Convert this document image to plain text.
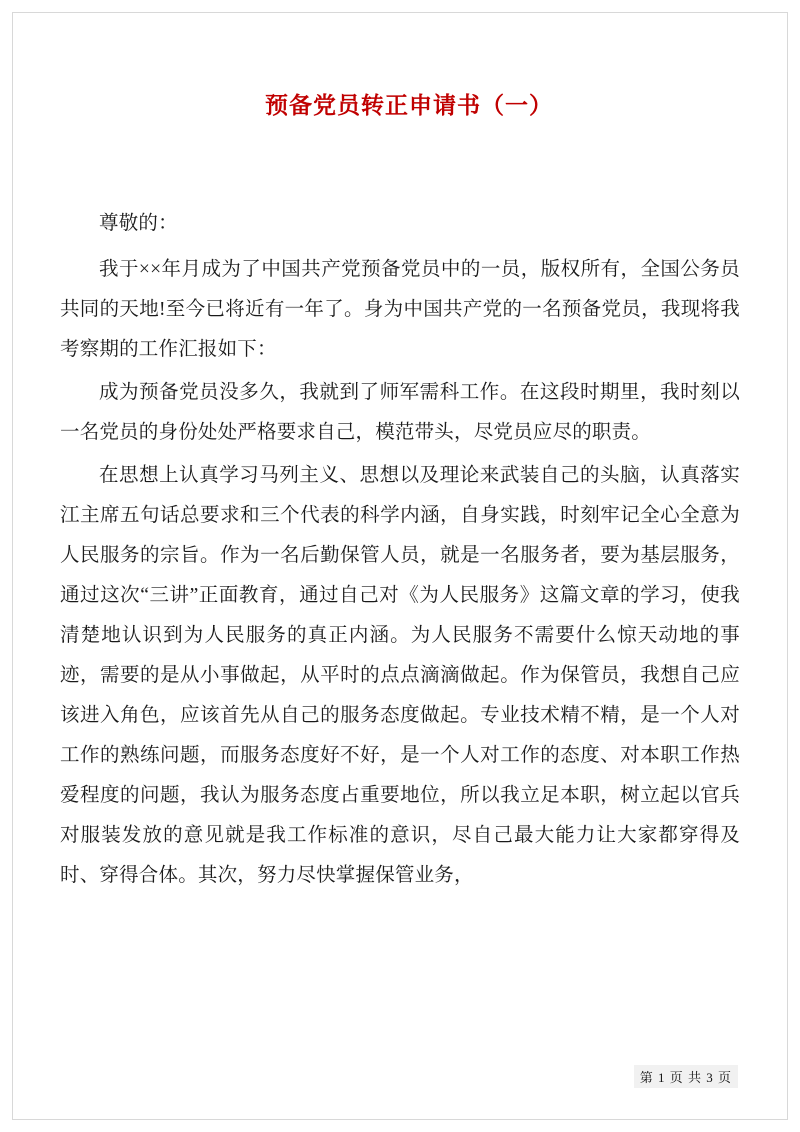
预备党员转正申请书（一）

尊敬的：

我于××年月成为了中国共产党预备党员中的一员，版权所有，全国公务员共同的天地!至今已将近有一年了。身为中国共产党的一名预备党员，我现将我考察期的工作汇报如下：

成为预备党员没多久，我就到了师军需科工作。在这段时期里，我时刻以一名党员的身份处处严格要求自己，模范带头，尽党员应尽的职责。

在思想上认真学习马列主义、思想以及理论来武装自己的头脑，认真落实江主席五句话总要求和三个代表的科学内涵，自身实践，时刻牢记全心全意为人民服务的宗旨。作为一名后勤保管人员，就是一名服务者，要为基层服务，通过这次“三讲”正面教育，通过自己对《为人民服务》这篇文章的学习，使我清楚地认识到为人民服务的真正内涵。为人民服务不需要什么惊天动地的事迹，需要的是从小事做起，从平时的点点滴滴做起。作为保管员，我想自己应该进入角色，应该首先从自己的服务态度做起。专业技术精不精，是一个人对工作的熟练问题，而服务态度好不好，是一个人对工作的态度、对本职工作热爱程度的问题，我认为服务态度占重要地位，所以我立足本职，树立起以官兵对服装发放的意见就是我工作标准的意识，尽自己最大能力让大家都穿得及时、穿得合体。其次，努力尽快掌握保管业务，

第 1 页 共 3 页
